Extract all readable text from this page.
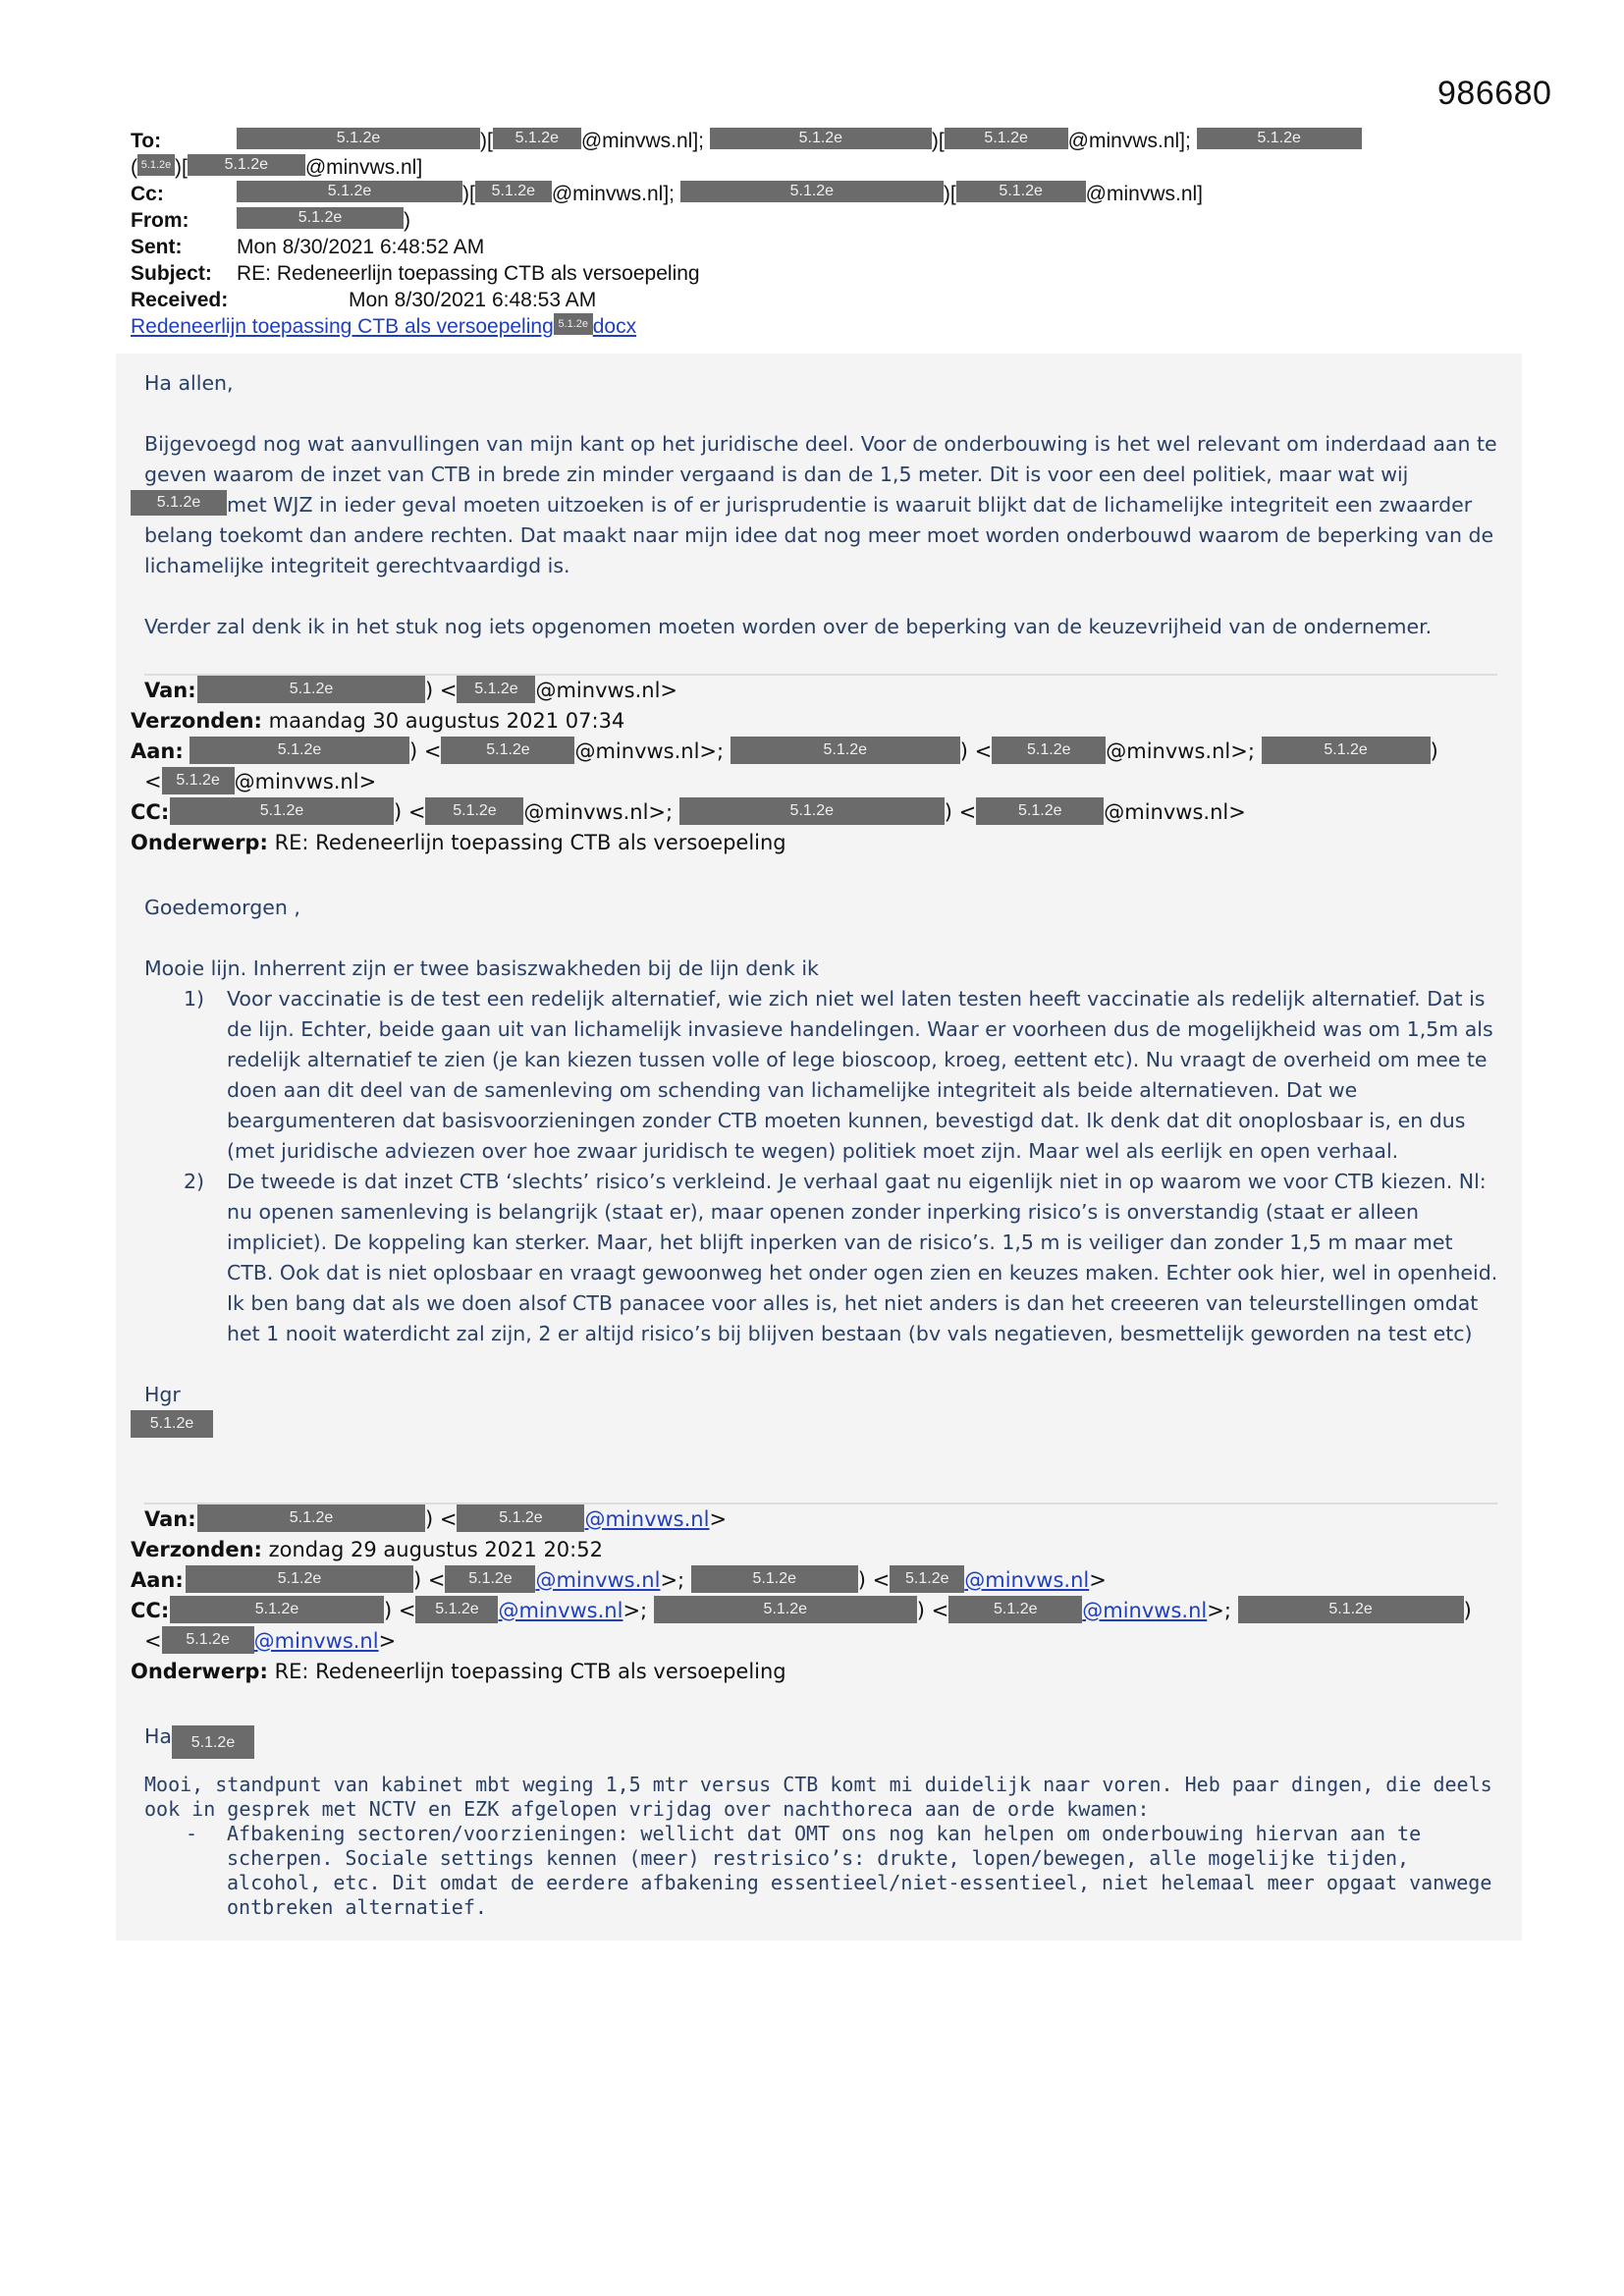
986680
To:	5.1.2e	)[ 5.1.2e @minvws.nl];	5.1.2e	)[	5.1.2e @minvws.nl];	5.1.2e
( 5.1.2e )[ 5.1.2e @minvws.nl]
Cc:	5.1.2e	)[ 5.1.2e @minvws.nl];	5.1.2e	)[	5.1.2e @minvws.nl]
From:	5.1.2e	)
Sent:	Mon 8/30/2021 6:48:52 AM
Subject: RE: Redeneerlijn toepassing CTB als versoepeling
Received:	Mon 8/30/2021 6:48:53 AM
Redeneerlijn toepassing CTB als versoepeling 5.1.2e docx

Ha allen,

Bijgevoegd nog wat aanvullingen van mijn kant op het juridische deel. Voor de onderbouwing is het wel relevant om inderdaad aan te geven waarom de inzet van CTB in brede zin minder vergaand is dan de 1,5 meter. Dit is voor een deel politiek, maar wat wij

5.1.2e met WJZ in ieder geval moeten uitzoeken is of er jurisprudentie is waaruit blijkt dat de lichamelijke integriteit een zwaarder belang toekomt dan andere rechten. Dat maakt naar mijn idee dat nog meer moet worden onderbouwd waarom de beperking van de lichamelijke integriteit gerechtvaardigd is.

Verder zal denk ik in het stuk nog iets opgenomen moeten worden over de beperking van de keuzevrijheid van de ondernemer.

Van:	5.1.2e	) < 5.1.2e @minvws.nl>
Verzonden: maandag 30 augustus 2021 07:34
Aan:	5.1.2e	) <	5.1.2e @minvws.nl>;	5.1.2e	) < 5.1.2e @minvws.nl>;	5.1.2e	)
< 5.1.2e @minvws.nl>
CC:	5.1.2e	) < 5.1.2e @minvws.nl>;	5.1.2e	) <	5.1.2e @minvws.nl>
Onderwerp: RE: Redeneerlijn toepassing CTB als versoepeling

Goedemorgen ,

Mooie lijn. Inherrent zijn er twee basiszwakheden bij de lijn denk ik

1) Voor vaccinatie is de test een redelijk alternatief, wie zich niet wel laten testen heeft vaccinatie als redelijk alternatief. Dat is de lijn. Echter, beide gaan uit van lichamelijk invasieve handelingen. Waar er voorheen dus de mogelijkheid was om 1,5m als redelijk alternatief te zien (je kan kiezen tussen volle of lege bioscoop, kroeg, eettent etc). Nu vraagt de overheid om mee te doen aan dit deel van de samenleving om schending van lichamelijke integriteit als beide alternatieven. Dat we beargumenteren dat basisvoorzieningen zonder CTB moeten kunnen, bevestigd dat. Ik denk dat dit onoplosbaar is, en dus (met juridische adviezen over hoe zwaar juridisch te wegen) politiek moet zijn. Maar wel als eerlijk en open verhaal.
2) De tweede is dat inzet CTB ‘slechts’ risico’s verkleind. Je verhaal gaat nu eigenlijk niet in op waarom we voor CTB kiezen. Nl: nu openen samenleving is belangrijk (staat er), maar openen zonder inperking risico’s is onverstandig (staat er alleen impliciet). De koppeling kan sterker. Maar, het blijft inperken van de risico’s. 1,5 m is veiliger dan zonder 1,5 m maar met CTB. Ook dat is niet oplosbaar en vraagt gewoonweg het onder ogen zien en keuzes maken. Echter ook hier, wel in openheid. Ik ben bang dat als we doen alsof CTB panacee voor alles is, het niet anders is dan het creeeren van teleurstellingen omdat het 1 nooit waterdicht zal zijn, 2 er altijd risico’s bij blijven bestaan (bv vals negatieven, besmettelijk geworden na test etc)

Hgr

5.1.2e

Van:	5.1.2e	) <	5.1.2e @minvws.nl>
Verzonden: zondag 29 augustus 2021 20:52
Aan:	5.1.2e	) < 5.1.2e @minvws.nl>;	5.1.2e	) < 5.1.2e @minvws.nl>
CC:	5.1.2e	) < 5.1.2e @minvws.nl>;	5.1.2e	) <	5.1.2e @minvws.nl>;	5.1.2e	)
< 5.1.2e @minvws.nl>
Onderwerp: RE: Redeneerlijn toepassing CTB als versoepeling
Ha 5.1.2e

Mooi, standpunt van kabinet mbt weging 1,5 mtr versus CTB komt mi duidelijk naar voren. Heb paar dingen, die deels ook in gesprek met NCTV en EZK afgelopen vrijdag over nachthoreca aan de orde kwamen:

- Afbakening sectoren/voorzieningen: wellicht dat OMT ons nog kan helpen om onderbouwing hiervan aan te scherpen. Sociale settings kennen (meer) restrisico’s: drukte, lopen/bewegen, alle mogelijke tijden, alcohol, etc. Dit omdat de eerdere afbakening essentieel/niet-essentieel, niet helemaal meer opgaat vanwege ontbreken alternatief.
